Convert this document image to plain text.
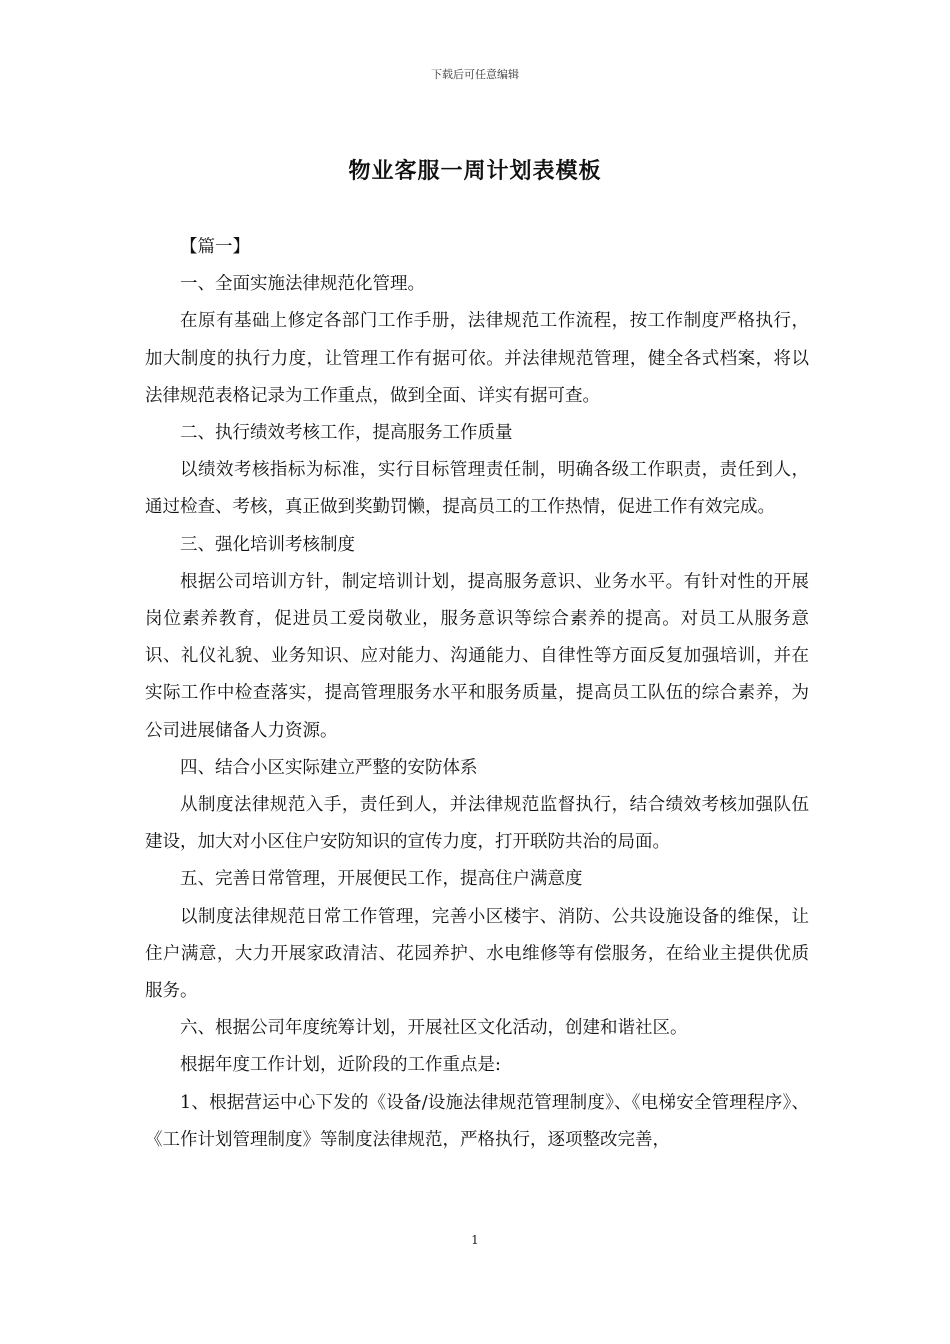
下载后可任意编辑
物业客服一周计划表模板

【篇一】

一、全面实施法律规范化管理。

在原有基础上修定各部门工作手册，法律规范工作流程，按工作制度严格执行，加大制度的执行力度，让管理工作有据可依。并法律规范管理，健全各式档案，将以法律规范表格记录为工作重点，做到全面、详实有据可查。

二、执行绩效考核工作，提高服务工作质量

以绩效考核指标为标准，实行目标管理责任制，明确各级工作职责，责任到人，通过检查、考核，真正做到奖勤罚懒，提高员工的工作热情，促进工作有效完成。

三、强化培训考核制度

根据公司培训方针，制定培训计划，提高服务意识、业务水平。有针对性的开展岗位素养教育，促进员工爱岗敬业，服务意识等综合素养的提高。对员工从服务意识、礼仪礼貌、业务知识、应对能力、沟通能力、自律性等方面反复加强培训，并在实际工作中检查落实，提高管理服务水平和服务质量，提高员工队伍的综合素养，为公司进展储备人力资源。

四、结合小区实际建立严整的安防体系

从制度法律规范入手，责任到人，并法律规范监督执行，结合绩效考核加强队伍建设，加大对小区住户安防知识的宣传力度，打开联防共治的局面。

五、完善日常管理，开展便民工作，提高住户满意度

以制度法律规范日常工作管理，完善小区楼宇、消防、公共设施设备的维保，让住户满意，大力开展家政清洁、花园养护、水电维修等有偿服务，在给业主提供优质服务。

六、根据公司年度统筹计划，开展社区文化活动，创建和谐社区。

根据年度工作计划，近阶段的工作重点是:

1、根据营运中心下发的《设备/设施法律规范管理制度》、《电梯安全管理程序》、《工作计划管理制度》等制度法律规范，严格执行，逐项整改完善，

1
